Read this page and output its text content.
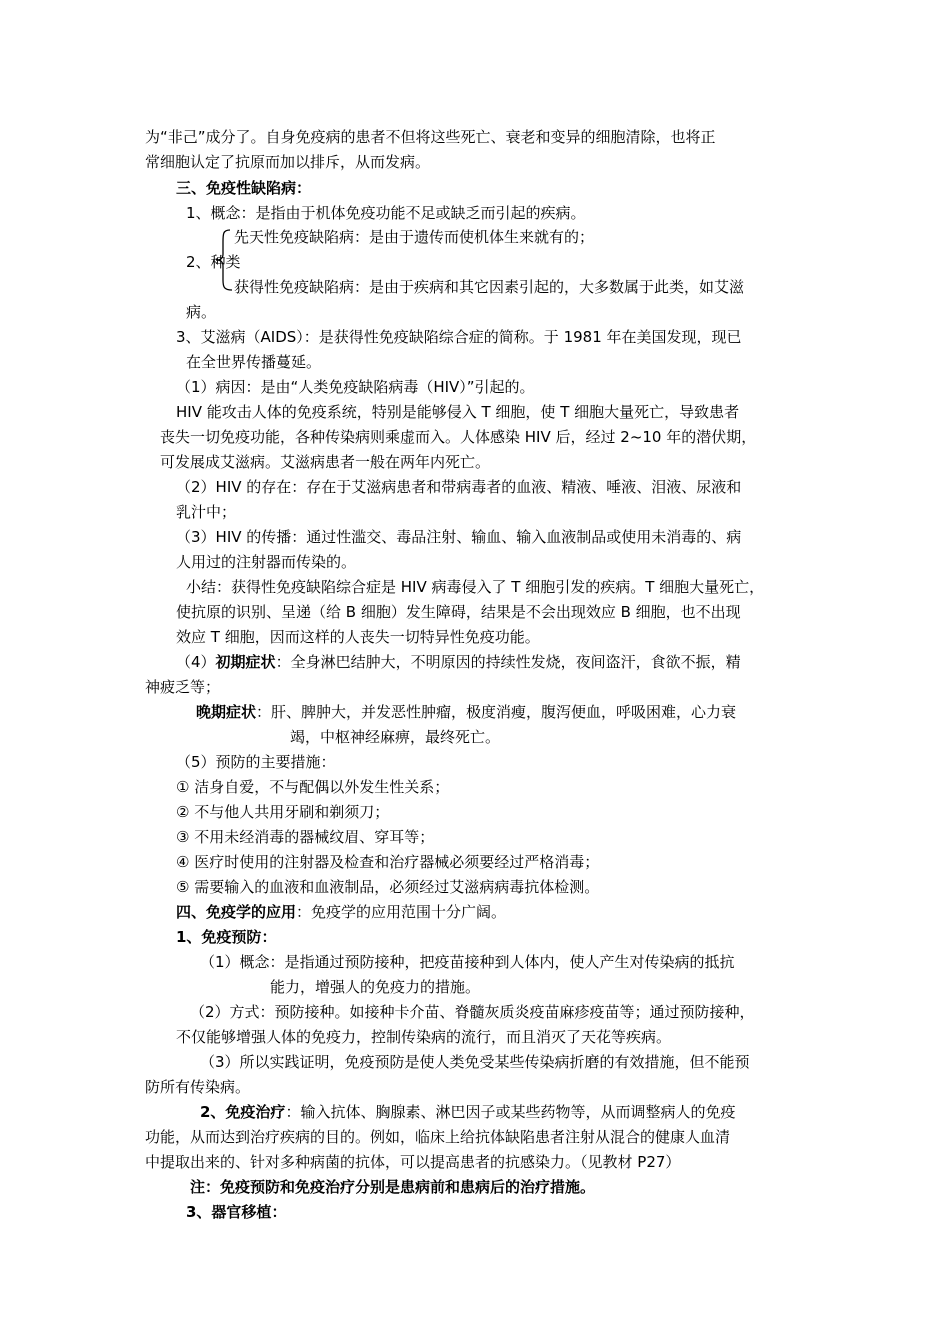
为“非己”成分了。自身免疫病的患者不但将这些死亡、衰老和变异的细胞清除，也将正
常细胞认定了抗原而加以排斥，从而发病。
三、免疫性缺陷病：
1、概念：是指由于机体免疫功能不足或缺乏而引起的疾病。
先天性免疫缺陷病：是由于遗传而使机体生来就有的；
2、种类
获得性免疫缺陷病：是由于疾病和其它因素引起的，大多数属于此类，如艾滋
病。
3、艾滋病（AIDS）：是获得性免疫缺陷综合症的简称。于 1981 年在美国发现，现已
在全世界传播蔓延。
（1）病因：是由“人类免疫缺陷病毒（HIV）”引起的。
HIV 能攻击人体的免疫系统，特别是能够侵入 T 细胞，使 T 细胞大量死亡，导致患者
丧失一切免疫功能，各种传染病则乘虚而入。人体感染 HIV 后，经过 2~10 年的潜伏期，
可发展成艾滋病。艾滋病患者一般在两年内死亡。
（2）HIV 的存在：存在于艾滋病患者和带病毒者的血液、精液、唾液、泪液、尿液和
乳汁中；
（3）HIV 的传播：通过性滥交、毒品注射、输血、输入血液制品或使用未消毒的、病
人用过的注射器而传染的。
小结：获得性免疫缺陷综合症是 HIV 病毒侵入了 T 细胞引发的疾病。T 细胞大量死亡，
使抗原的识别、呈递（给 B 细胞）发生障碍，结果是不会出现效应 B 细胞，也不出现
效应 T 细胞，因而这样的人丧失一切特异性免疫功能。
（4）初期症状：全身淋巴结肿大，不明原因的持续性发烧，夜间盗汗，食欲不振，精
神疲乏等；
晚期症状：肝、脾肿大，并发恶性肿瘤，极度消瘦，腹泻便血，呼吸困难，心力衰
竭，中枢神经麻痹，最终死亡。
（5）预防的主要措施：
① 洁身自爱，不与配偶以外发生性关系；
② 不与他人共用牙刷和剃须刀；
③ 不用未经消毒的器械纹眉、穿耳等；
④ 医疗时使用的注射器及检查和治疗器械必须要经过严格消毒；
⑤ 需要输入的血液和血液制品，必须经过艾滋病病毒抗体检测。
四、免疫学的应用：免疫学的应用范围十分广阔。
1、免疫预防：
（1）概念：是指通过预防接种，把疫苗接种到人体内，使人产生对传染病的抵抗
能力，增强人的免疫力的措施。
（2）方式：预防接种。如接种卡介苗、脊髓灰质炎疫苗麻疹疫苗等；通过预防接种，
不仅能够增强人体的免疫力，控制传染病的流行，而且消灭了天花等疾病。
（3）所以实践证明，免疫预防是使人类免受某些传染病折磨的有效措施，但不能预
防所有传染病。
2、免疫治疗：输入抗体、胸腺素、淋巴因子或某些药物等，从而调整病人的免疫
功能，从而达到治疗疾病的目的。例如，临床上给抗体缺陷患者注射从混合的健康人血清
中提取出来的、针对多种病菌的抗体，可以提高患者的抗感染力。（见教材 P27）
注：免疫预防和免疫治疗分别是患病前和患病后的治疗措施。
3、器官移植：
